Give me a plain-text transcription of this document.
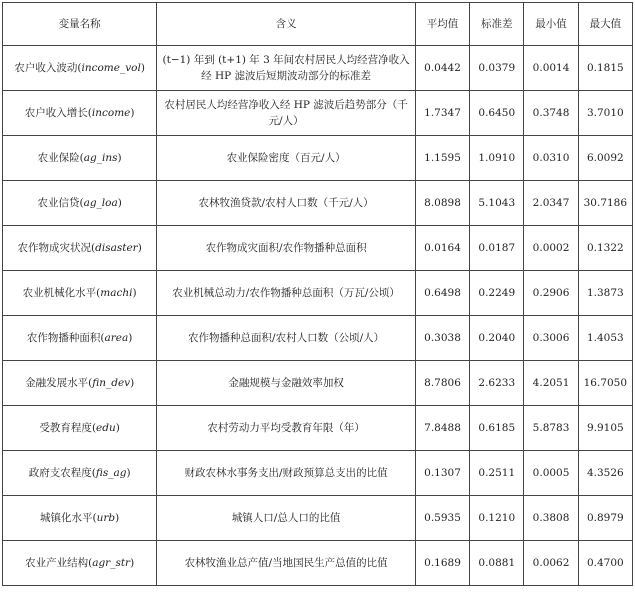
变量名称	含义	平均值	标准差	最小值	最大值
农户收入波动(income_vol)	(t−1) 年到 (t+1) 年 3 年间农村居民人均经营净收入经 HP 滤波后短期波动部分的标准差	0.0442	0.0379	0.0014	0.1815
农户收入增长(income)	农村居民人均经营净收入经 HP 滤波后趋势部分（千元/人）	1.7347	0.6450	0.3748	3.7010
农业保险(ag_ins)	农业保险密度（百元/人）	1.1595	1.0910	0.0310	6.0092
农业信贷(ag_loa)	农林牧渔贷款/农村人口数（千元/人）	8.0898	5.1043	2.0347	30.7186
农作物成灾状况(disaster)	农作物成灾面积/农作物播种总面积	0.0164	0.0187	0.0002	0.1322
农业机械化水平(machi)	农业机械总动力/农作物播种总面积（万瓦/公顷）	0.6498	0.2249	0.2906	1.3873
农作物播种面积(area)	农作物播种总面积/农村人口数（公顷/人）	0.3038	0.2040	0.3006	1.4053
金融发展水平(fin_dev)	金融规模与金融效率加权	8.7806	2.6233	4.2051	16.7050
受教育程度(edu)	农村劳动力平均受教育年限（年）	7.8488	0.6185	5.8783	9.9105
政府支农程度(fis_ag)	财政农林水事务支出/财政预算总支出的比值	0.1307	0.2511	0.0005	4.3526
城镇化水平(urb)	城镇人口/总人口的比值	0.5935	0.1210	0.3808	0.8979
农业产业结构(agr_str)	农林牧渔业总产值/当地国民生产总值的比值	0.1689	0.0881	0.0062	0.4700
